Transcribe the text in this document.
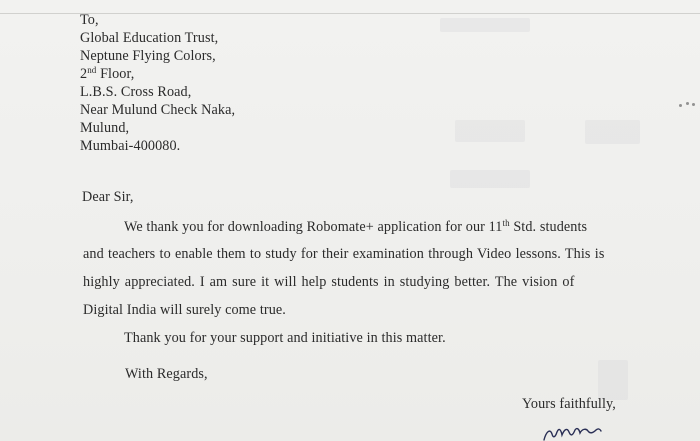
To,
Global Education Trust,
Neptune Flying Colors,
2nd Floor,
L.B.S. Cross Road,
Near Mulund Check Naka,
Mulund,
Mumbai-400080.
Dear Sir,
We thank you for downloading Robomate+ application for our 11th Std. students
and teachers to enable them to study for their examination through Video lessons. This is
highly appreciated. I am sure it will help students in studying better. The vision of
Digital India will surely come true.
Thank you for your support and initiative in this matter.
With Regards,
Yours faithfully,
